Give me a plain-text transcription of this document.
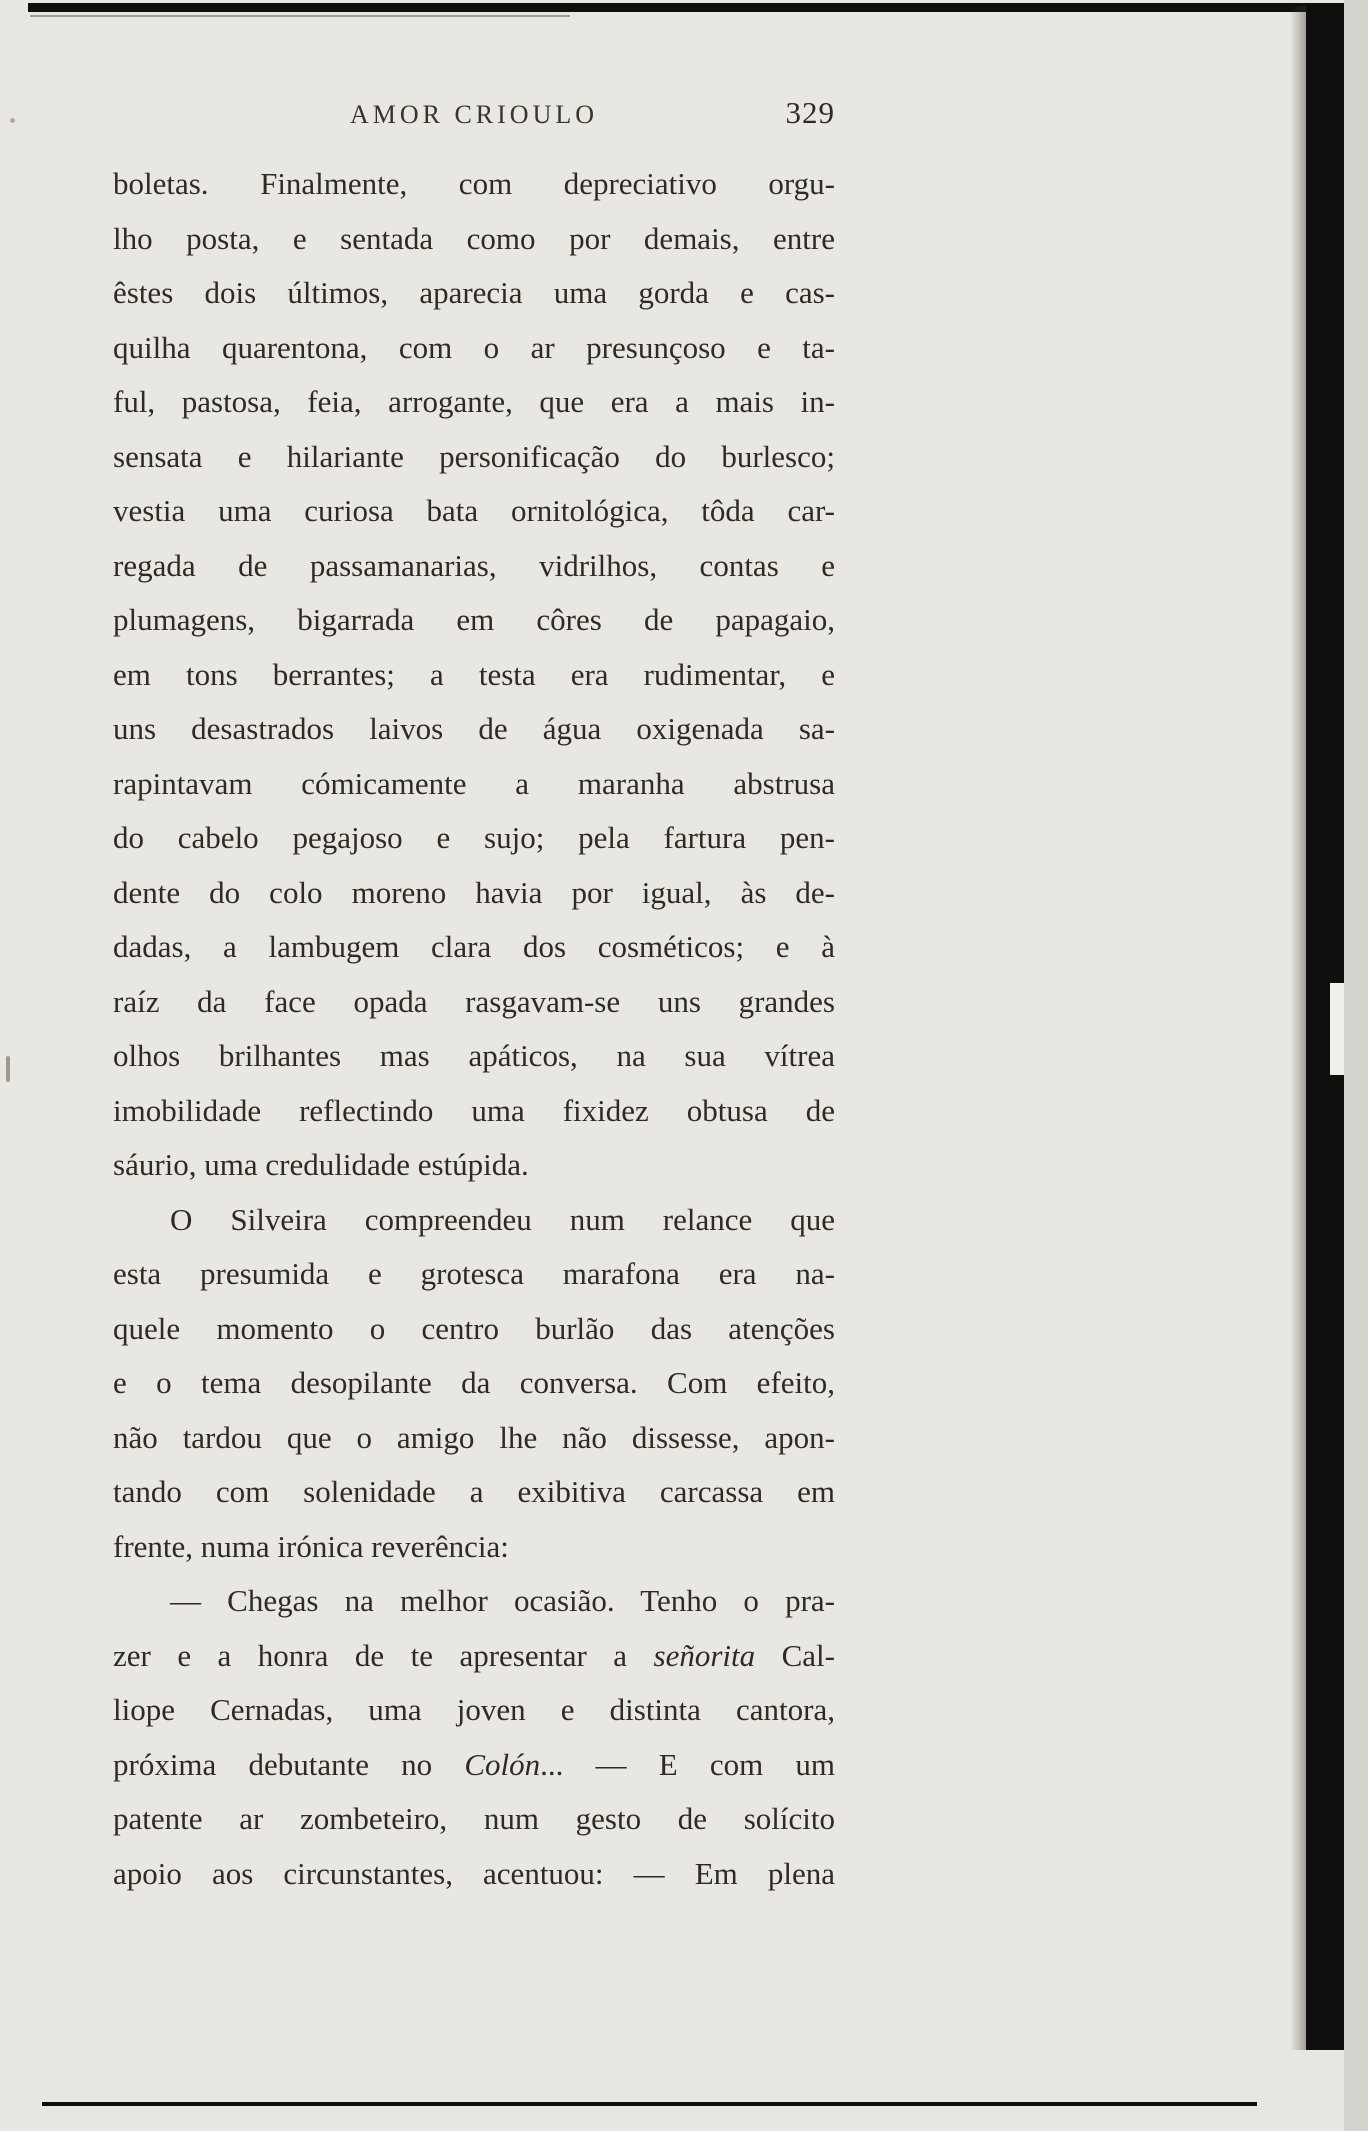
AMOR CRIOULO	329
boletas. Finalmente, com depreciativo orgu-
lho posta, e sentada como por demais, entre
êstes dois últimos, aparecia uma gorda e cas-
quilha quarentona, com o ar presunçoso e ta-
ful, pastosa, feia, arrogante, que era a mais in-
sensata e hilariante personificação do burlesco;
vestia uma curiosa bata ornitológica, tôda car-
regada de passamanarias, vidrilhos, contas e
plumagens, bigarrada em côres de papagaio,
em tons berrantes; a testa era rudimentar, e
uns desastrados laivos de água oxigenada sa-
rapintavam cómicamente a maranha abstrusa
do cabelo pegajoso e sujo; pela fartura pen-
dente do colo moreno havia por igual, às de-
dadas, a lambugem clara dos cosméticos; e à
raíz da face opada rasgavam-se uns grandes
olhos brilhantes mas apáticos, na sua vítrea
imobilidade reflectindo uma fixidez obtusa de
sáurio, uma credulidade estúpida.
O Silveira compreendeu num relance que
esta presumida e grotesca marafona era na-
quele momento o centro burlão das atenções
e o tema desopilante da conversa. Com efeito,
não tardou que o amigo lhe não dissesse, apon-
tando com solenidade a exibitiva carcassa em
frente, numa irónica reverência:
— Chegas na melhor ocasião. Tenho o pra-
zer e a honra de te apresentar a señorita Cal-
liope Cernadas, uma joven e distinta cantora,
próxima debutante no Colón... — E com um
patente ar zombeteiro, num gesto de solícito
apoio aos circunstantes, acentuou: — Em plena
